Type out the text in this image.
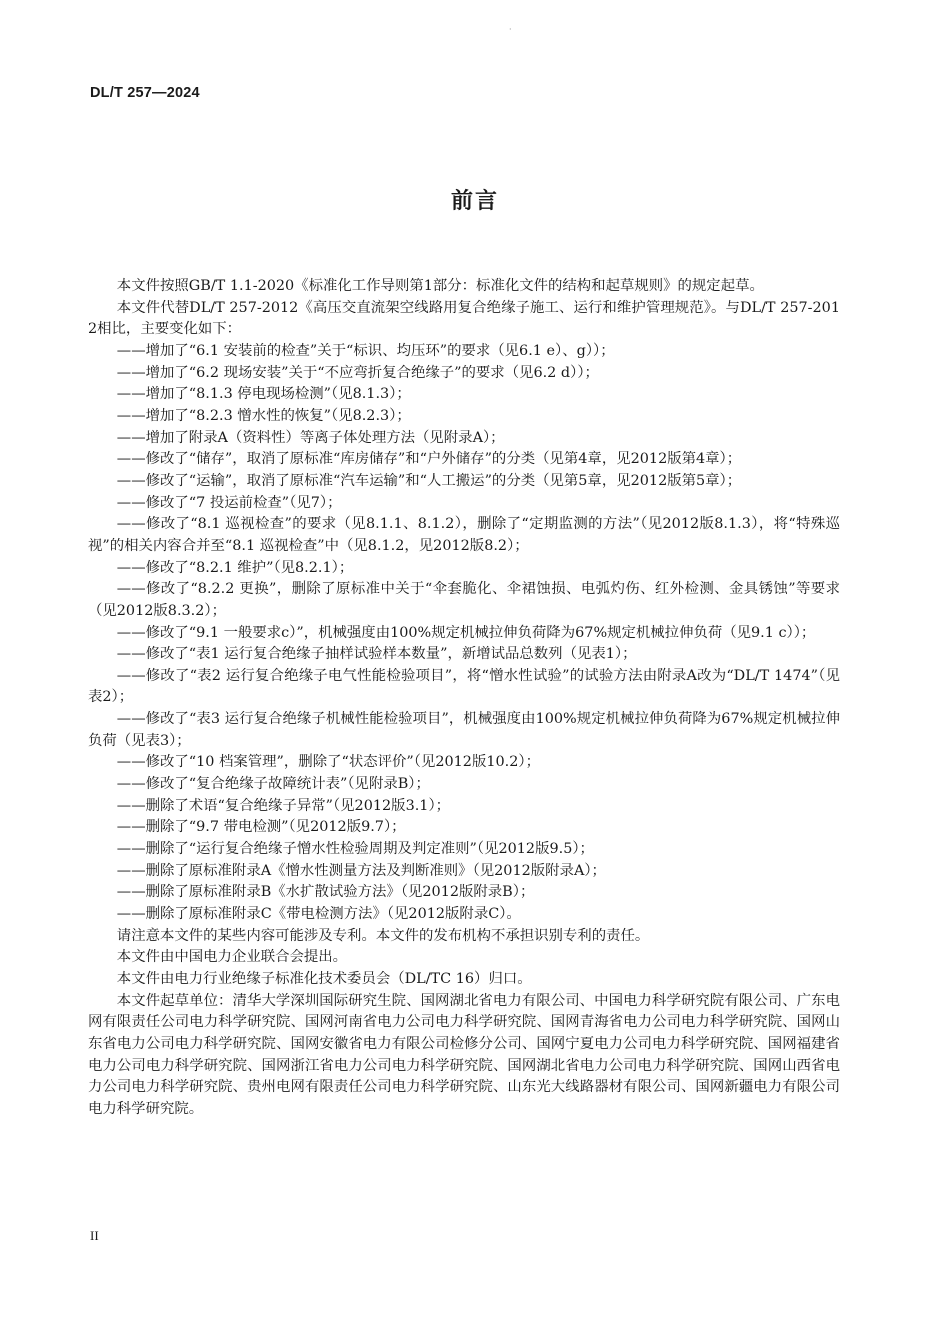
·
DL/T 257—2024
前言

本文件按照GB/T 1.1-2020《标准化工作导则第1部分：标准化文件的结构和起草规则》的规定起草。

本文件代替DL/T 257-2012《高压交直流架空线路用复合绝缘子施工、运行和维护管理规范》。与DL/T 257-2012相比，主要变化如下：

——增加了“6.1 安装前的检查”关于“标识、均压环”的要求（见6.1 e）、g））；

——增加了“6.2 现场安装”关于“不应弯折复合绝缘子”的要求（见6.2 d））；

——增加了“8.1.3 停电现场检测”（见8.1.3）；

——增加了“8.2.3 憎水性的恢复”（见8.2.3）；

——增加了附录A（资料性）等离子体处理方法（见附录A）；

——修改了“储存”，取消了原标准“库房储存”和“户外储存”的分类（见第4章，见2012版第4章）；

——修改了“运输”，取消了原标准“汽车运输”和“人工搬运”的分类（见第5章，见2012版第5章）；

——修改了“7 投运前检查”（见7）；

——修改了“8.1 巡视检查”的要求（见8.1.1、8.1.2），删除了“定期监测的方法”（见2012版8.1.3），将“特殊巡视”的相关内容合并至“8.1 巡视检查”中（见8.1.2，见2012版8.2）；

——修改了“8.2.1 维护”（见8.2.1）；

——修改了“8.2.2 更换”，删除了原标准中关于“伞套脆化、伞裙蚀损、电弧灼伤、红外检测、金具锈蚀”等要求（见2012版8.3.2）；

——修改了“9.1 一般要求c）”，机械强度由100%规定机械拉伸负荷降为67%规定机械拉伸负荷（见9.1 c））；

——修改了“表1 运行复合绝缘子抽样试验样本数量”，新增试品总数列（见表1）；

——修改了“表2 运行复合绝缘子电气性能检验项目”，将“憎水性试验”的试验方法由附录A改为“DL/T 1474”（见表2）；

——修改了“表3 运行复合绝缘子机械性能检验项目”，机械强度由100%规定机械拉伸负荷降为67%规定机械拉伸负荷（见表3）；

——修改了“10 档案管理”，删除了“状态评价”（见2012版10.2）；

——修改了“复合绝缘子故障统计表”（见附录B）；

——删除了术语“复合绝缘子异常”（见2012版3.1）；

——删除了“9.7 带电检测”（见2012版9.7）；

——删除了“运行复合绝缘子憎水性检验周期及判定准则”（见2012版9.5）；

——删除了原标准附录A《憎水性测量方法及判断准则》（见2012版附录A）；

——删除了原标准附录B《水扩散试验方法》（见2012版附录B）；

——删除了原标准附录C《带电检测方法》（见2012版附录C）。

请注意本文件的某些内容可能涉及专利。本文件的发布机构不承担识别专利的责任。

本文件由中国电力企业联合会提出。

本文件由电力行业绝缘子标准化技术委员会（DL/TC 16）归口。

本文件起草单位：清华大学深圳国际研究生院、国网湖北省电力有限公司、中国电力科学研究院有限公司、广东电网有限责任公司电力科学研究院、国网河南省电力公司电力科学研究院、国网青海省电力公司电力科学研究院、国网山东省电力公司电力科学研究院、国网安徽省电力有限公司检修分公司、国网宁夏电力公司电力科学研究院、国网福建省电力公司电力科学研究院、国网浙江省电力公司电力科学研究院、国网湖北省电力公司电力科学研究院、国网山西省电力公司电力科学研究院、贵州电网有限责任公司电力科学研究院、山东光大线路器材有限公司、国网新疆电力有限公司电力科学研究院。

II
